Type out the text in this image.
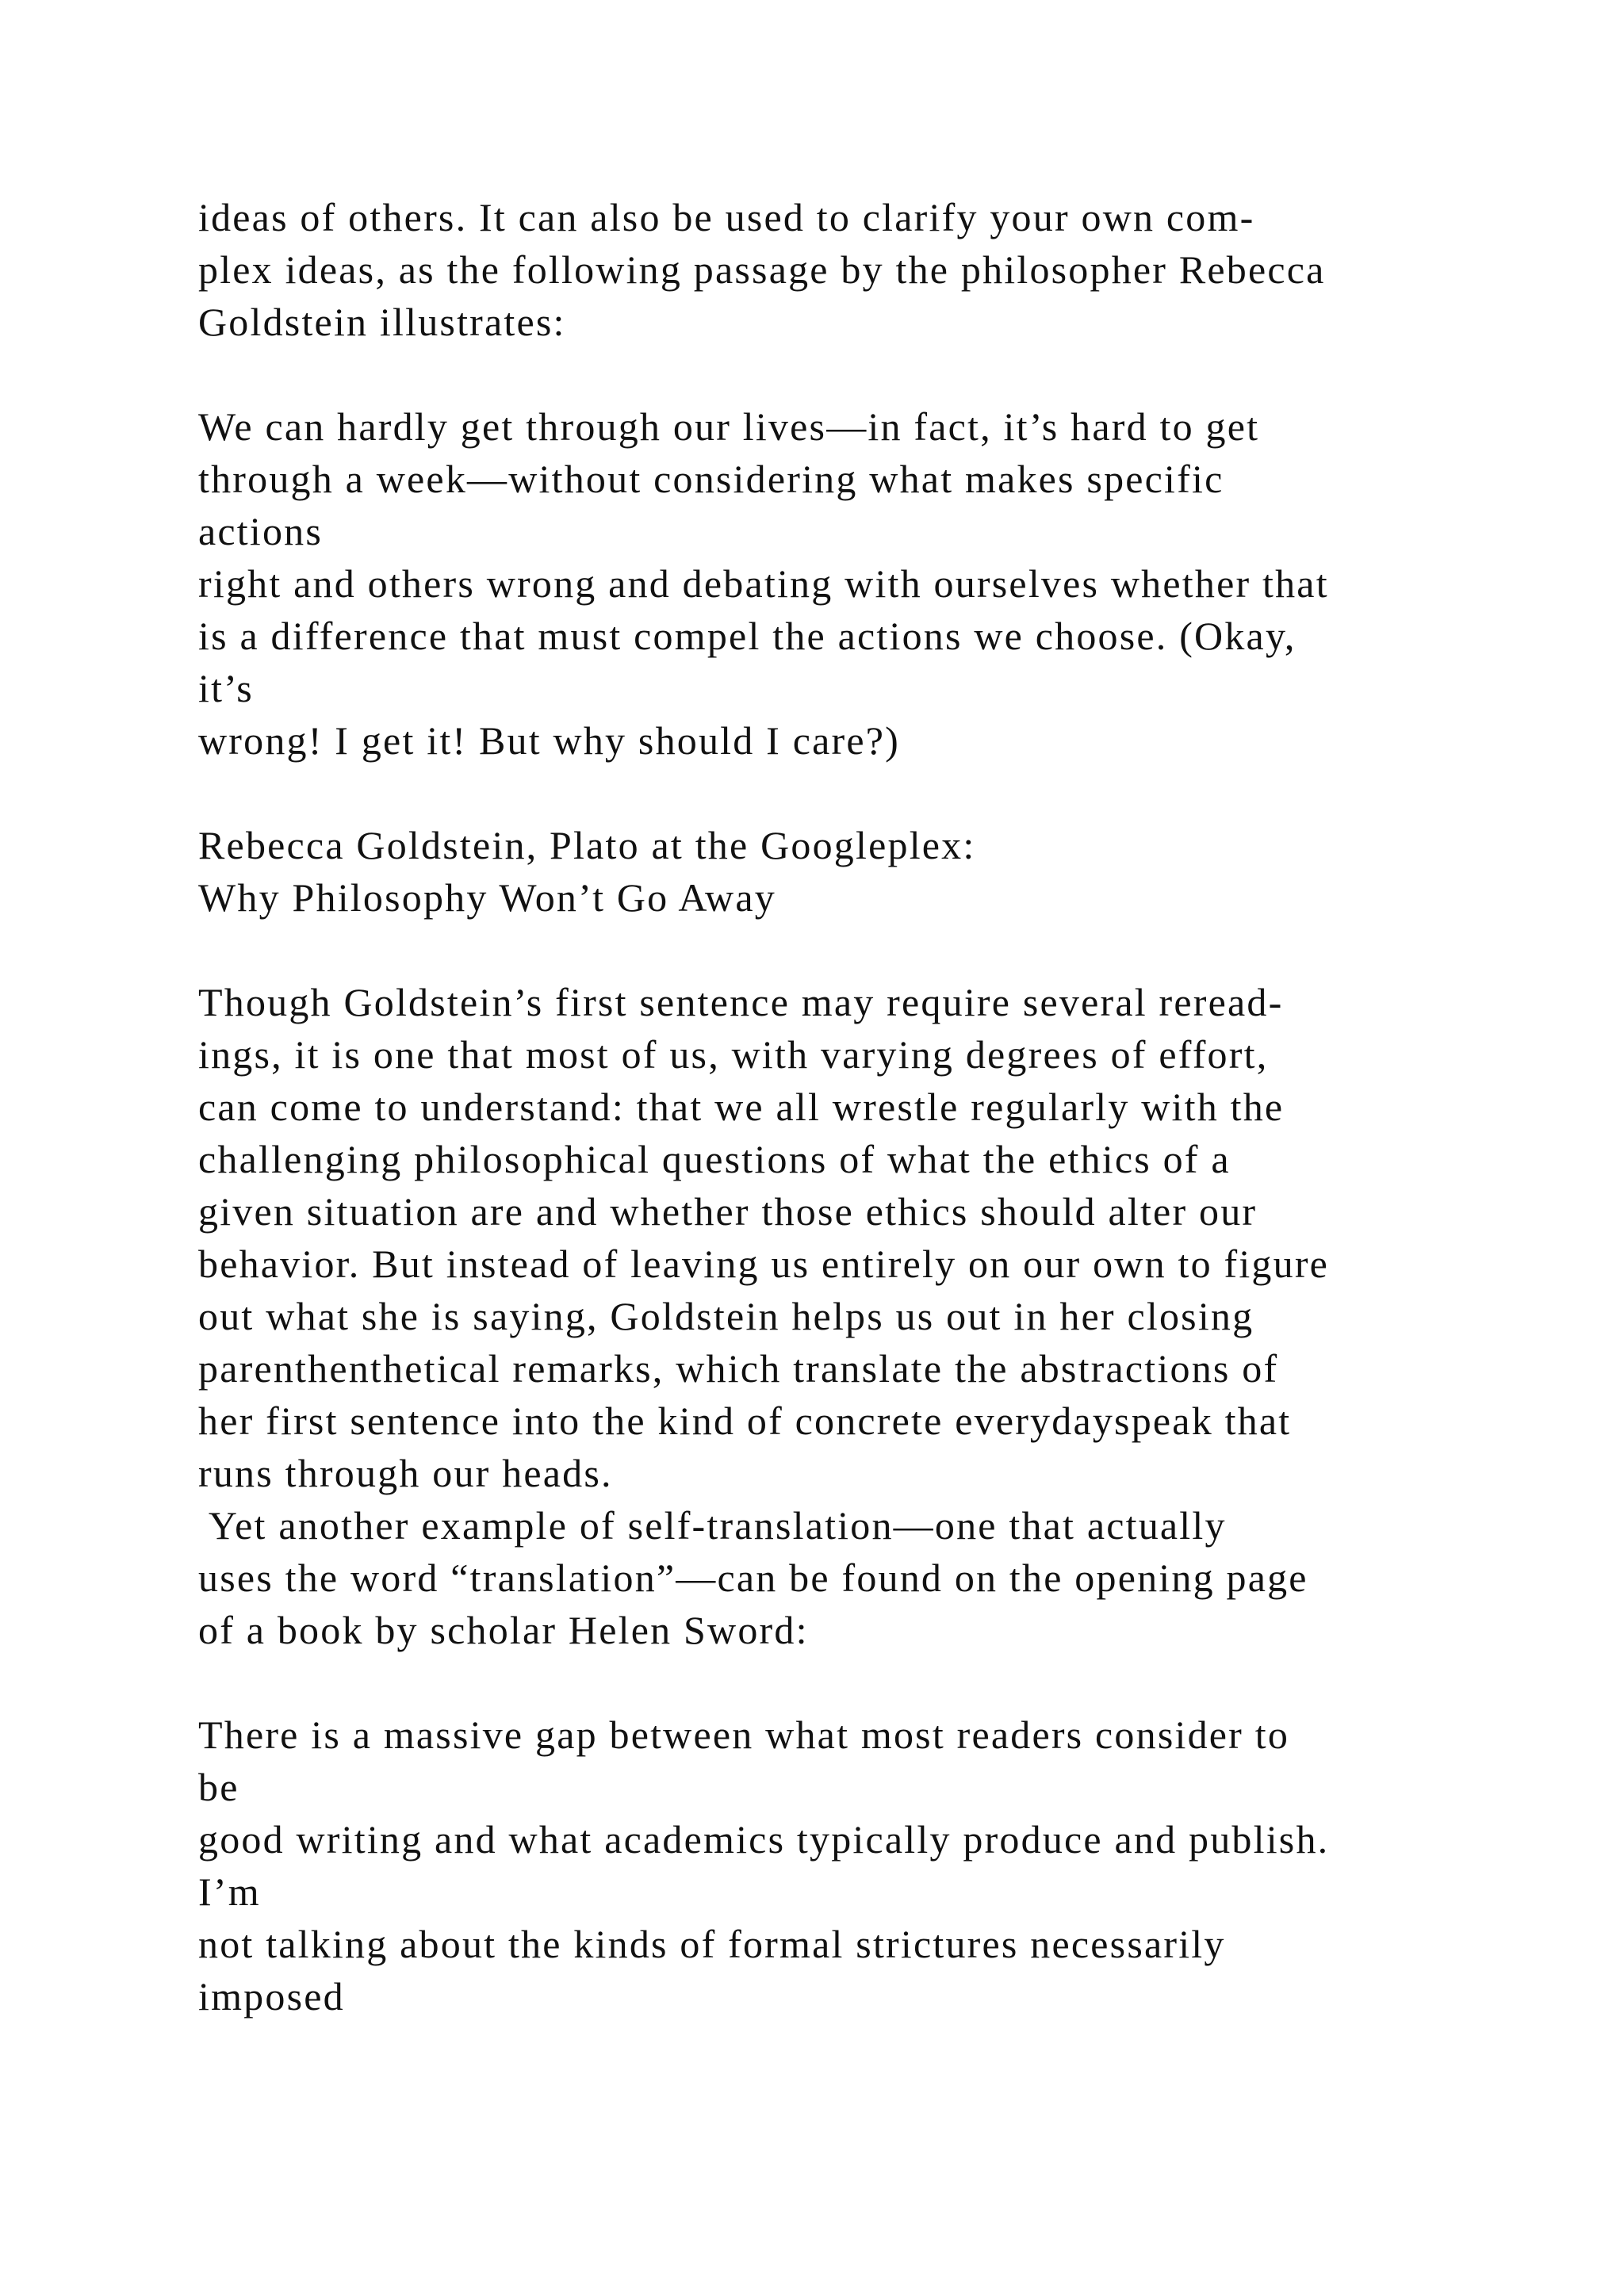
ideas of others. It can also be used to clarify your own com-
plex ideas, as the following passage by the philosopher Rebecca
Goldstein illustrates:
We can hardly get through our lives—in fact, it’s hard to get
through a week—without considering what makes specific
actions
right and others wrong and debating with ourselves whether that
is a difference that must compel the actions we choose. (Okay,
it’s
wrong! I get it! But why should I care?)
Rebecca Goldstein, Plato at the Googleplex:
Why Philosophy Won’t Go Away
Though Goldstein’s first sentence may require several reread-
ings, it is one that most of us, with varying degrees of effort,
can come to understand: that we all wrestle regularly with the
challenging philosophical questions of what the ethics of a
given situation are and whether those ethics should alter our
behavior. But instead of leaving us entirely on our own to figure
out what she is saying, Goldstein helps us out in her closing
parenthenthetical remarks, which translate the abstractions of
her first sentence into the kind of concrete everydayspeak that
runs through our heads.
Yet another example of self-translation—one that actually
uses the word “translation”—can be found on the opening page
of a book by scholar Helen Sword:
There is a massive gap between what most readers consider to
be
good writing and what academics typically produce and publish.
I’m
not talking about the kinds of formal strictures necessarily
imposed
